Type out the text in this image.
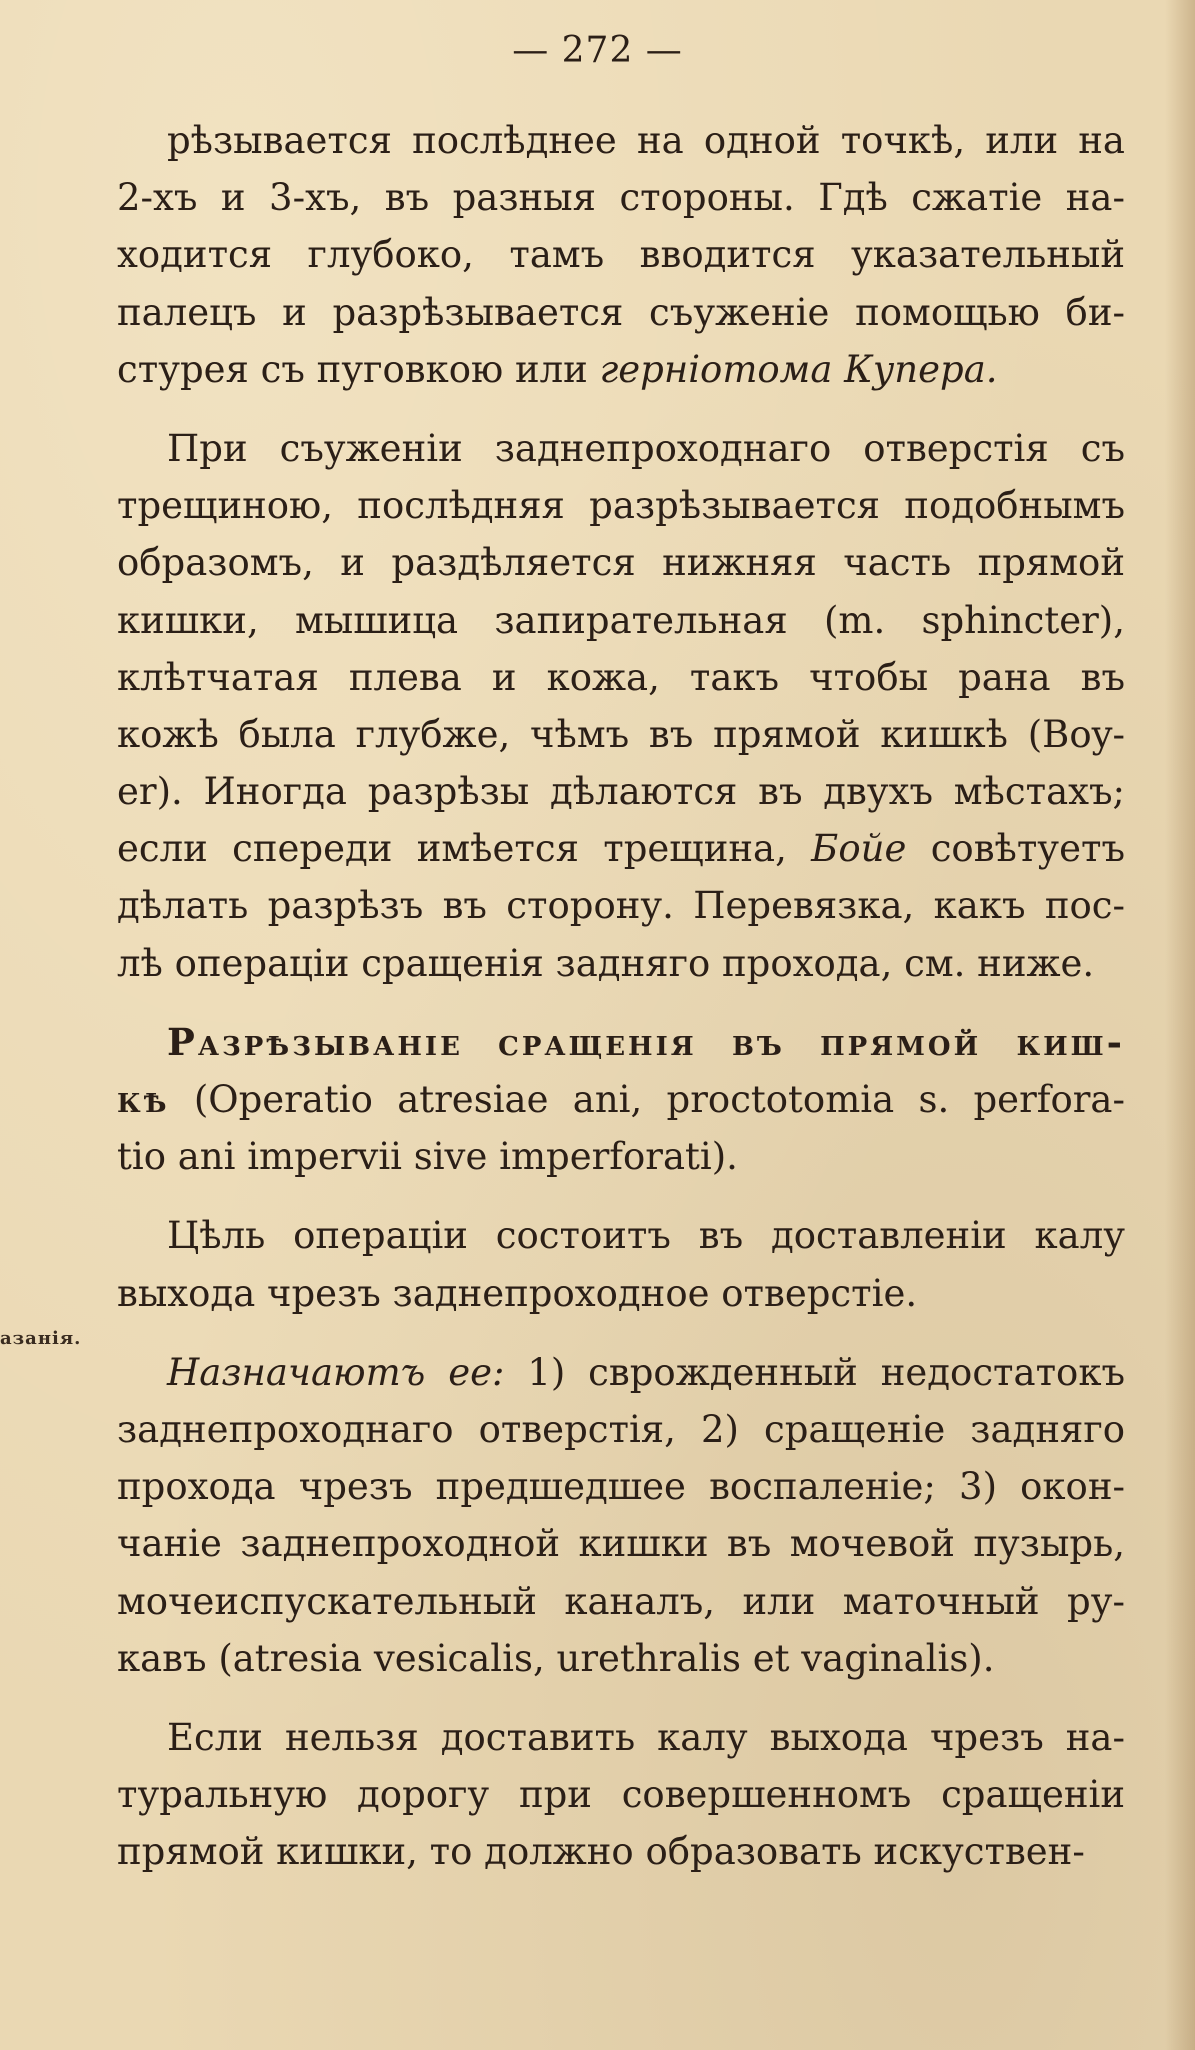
— 272 —
азанія.
рѣзывается послѣднее на одной точкѣ, или на
2-хъ и 3-хъ, въ разныя стороны. Гдѣ сжатіе на-
ходится глубоко, тамъ вводится указательный
палецъ и разрѣзывается съуженіе помощью би-
стурея съ пуговкою или герніотома Купера.
При съуженіи заднепроходнаго отверстія съ
трещиною, послѣдняя разрѣзывается подобнымъ
образомъ, и раздѣляется нижняя часть прямой
кишки, мышица запирательная (m. sphincter),
клѣтчатая плева и кожа, такъ чтобы рана въ
кожѣ была глубже, чѣмъ въ прямой кишкѣ (Boy-
er). Иногда разрѣзы дѣлаются въ двухъ мѣстахъ;
если спереди имѣется трещина, Бойе совѣтуетъ
дѣлать разрѣзъ въ сторону. Перевязка, какъ пос-
лѣ операціи сращенія задняго прохода, см. ниже.
Разрѣзываніе сращенія въ прямой киш-
кѣ (Operatio atresiae ani, proctotomia s. perfora-
tio ani impervii sive imperforati).
Цѣль операціи состоитъ въ доставленіи калу
выхода чрезъ заднепроходное отверстіе.
Назначаютъ ее: 1) сврожденный недостатокъ
заднепроходнаго отверстія, 2) сращеніе задняго
прохода чрезъ предшедшее воспаленіе; 3) окон-
чаніе заднепроходной кишки въ мочевой пузырь,
мочеиспускательный каналъ, или маточный ру-
кавъ (atresia vesicalis, urethralis et vaginalis).
Если нельзя доставить калу выхода чрезъ на-
туральную дорогу при совершенномъ сращеніи
прямой кишки, то должно образовать искуствен-
